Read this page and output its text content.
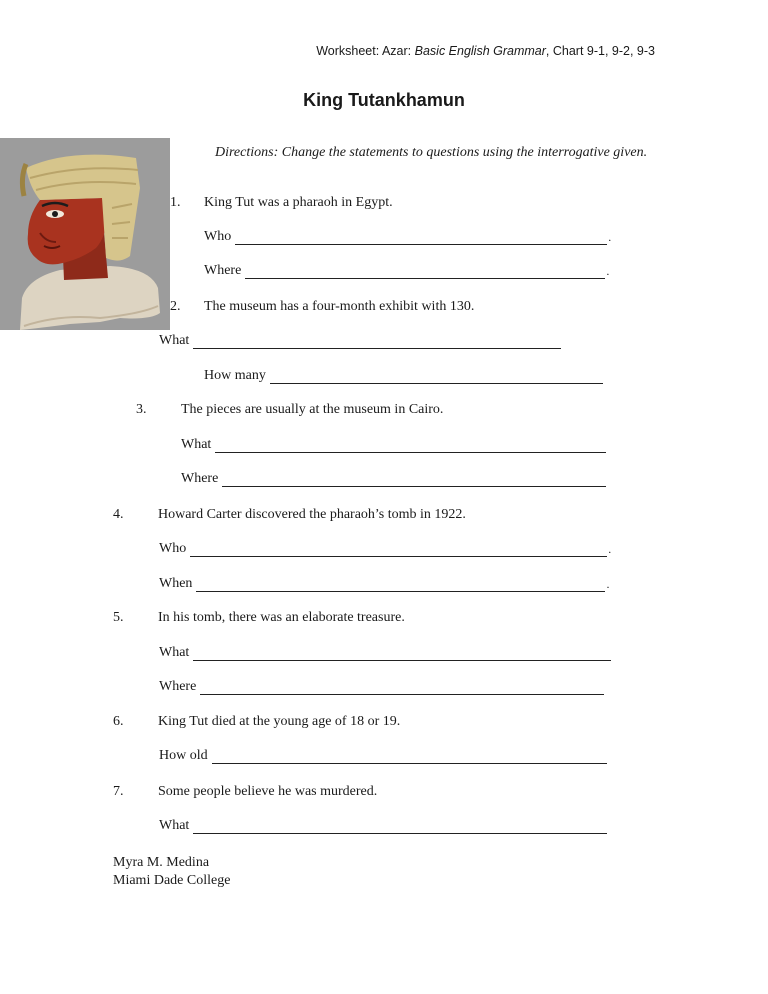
Worksheet: Azar: Basic English Grammar, Chart 9-1, 9-2, 9-3
King Tutankhamun
Directions: Change the statements to questions using the interrogative given.
1. King Tut was a pharaoh in Egypt.
Who	.
Where	.
2. The museum has a four-month exhibit with 130.
What
How many
3. The pieces are usually at the museum in Cairo.
What
Where
4. Howard Carter discovered the pharaoh’s tomb in 1922.
Who	.
When	.
5. In his tomb, there was an elaborate treasure.
What
Where
6. King Tut died at the young age of 18 or 19.
How old
7. Some people believe he was murdered.
What
Myra M. Medina
Miami Dade College
